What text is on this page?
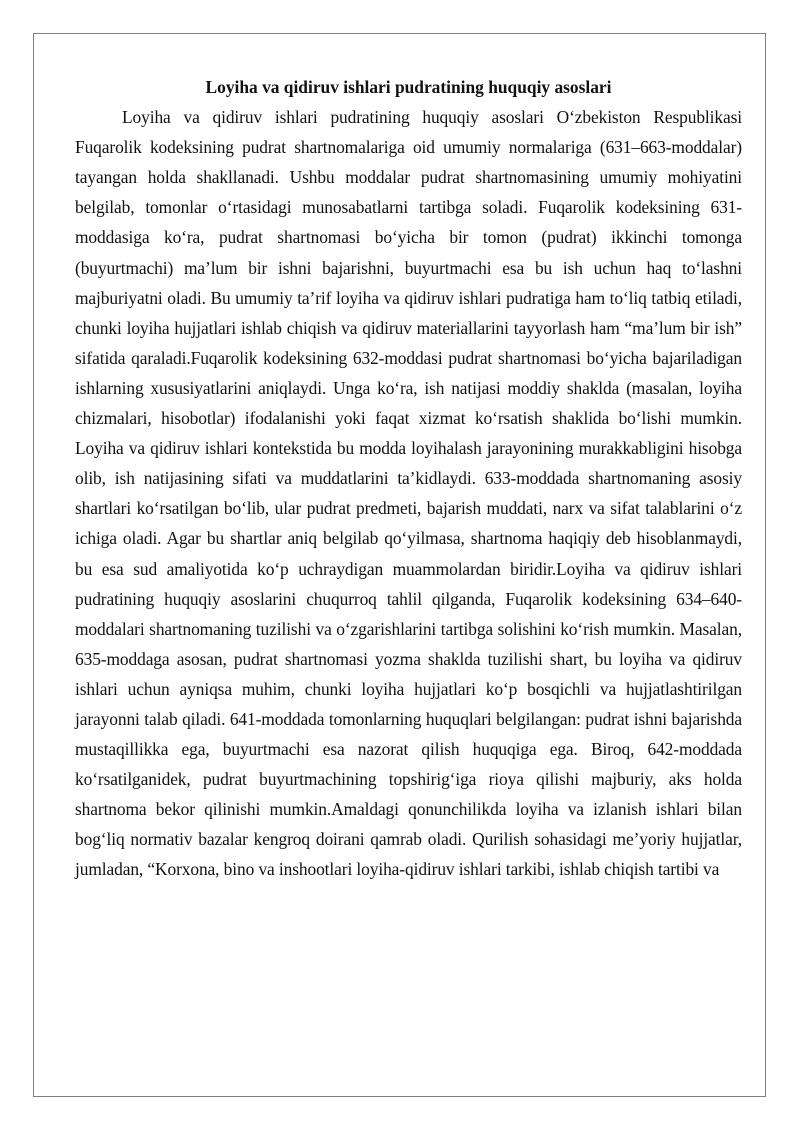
Loyiha va qidiruv ishlari pudratining huquqiy asoslari

Loyiha va qidiruv ishlari pudratining huquqiy asoslari O‘zbekiston Respublikasi Fuqarolik kodeksining pudrat shartnomalariga oid umumiy normalariga (631–663-moddalar) tayangan holda shakllanadi. Ushbu moddalar pudrat shartnomasining umumiy mohiyatini belgilab, tomonlar o‘rtasidagi munosabatlarni tartibga soladi. Fuqarolik kodeksining 631-moddasiga ko‘ra, pudrat shartnomasi bo‘yicha bir tomon (pudrat) ikkinchi tomonga (buyurtmachi) ma’lum bir ishni bajarishni, buyurtmachi esa bu ish uchun haq to‘lashni majburiyatni oladi. Bu umumiy ta’rif loyiha va qidiruv ishlari pudratiga ham to‘liq tatbiq etiladi, chunki loyiha hujjatlari ishlab chiqish va qidiruv materiallarini tayyorlash ham “ma’lum bir ish” sifatida qaraladi.Fuqarolik kodeksining 632-moddasi pudrat shartnomasi bo‘yicha bajariladigan ishlarning xususiyatlarini aniqlaydi. Unga ko‘ra, ish natijasi moddiy shaklda (masalan, loyiha chizmalari, hisobotlar) ifodalanishi yoki faqat xizmat ko‘rsatish shaklida bo‘lishi mumkin. Loyiha va qidiruv ishlari kontekstida bu modda loyihalash jarayonining murakkabligini hisobga olib, ish natijasining sifati va muddatlarini ta’kidlaydi. 633-moddada shartnomaning asosiy shartlari ko‘rsatilgan bo‘lib, ular pudrat predmeti, bajarish muddati, narx va sifat talablarini o‘z ichiga oladi. Agar bu shartlar aniq belgilab qo‘yilmasa, shartnoma haqiqiy deb hisoblanmaydi, bu esa sud amaliyotida ko‘p uchraydigan muammolardan biridir.Loyiha va qidiruv ishlari pudratining huquqiy asoslarini chuqurroq tahlil qilganda, Fuqarolik kodeksining 634–640-moddalari shartnomaning tuzilishi va o‘zgarishlarini tartibga solishini ko‘rish mumkin. Masalan, 635-moddaga asosan, pudrat shartnomasi yozma shaklda tuzilishi shart, bu loyiha va qidiruv ishlari uchun ayniqsa muhim, chunki loyiha hujjatlari ko‘p bosqichli va hujjatlashtirilgan jarayonni talab qiladi. 641-moddada tomonlarning huquqlari belgilangan: pudrat ishni bajarishda mustaqillikka ega, buyurtmachi esa nazorat qilish huquqiga ega. Biroq, 642-moddada ko‘rsatilganidek, pudrat buyurtmachining topshirig‘iga rioya qilishi majburiy, aks holda shartnoma bekor qilinishi mumkin.Amaldagi qonunchilikda loyiha va izlanish ishlari bilan bog‘liq normativ bazalar kengroq doirani qamrab oladi. Qurilish sohasidagi me’yoriy hujjatlar, jumladan, “Korxona, bino va inshootlari loyiha-qidiruv ishlari tarkibi, ishlab chiqish tartibi va
